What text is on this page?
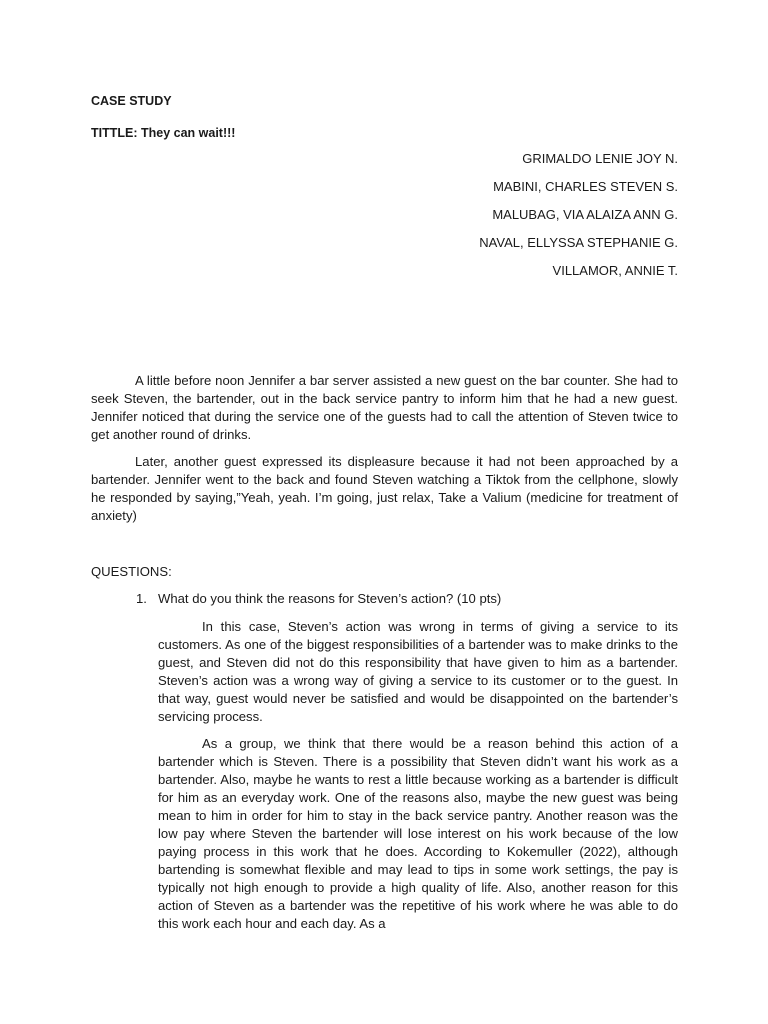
CASE STUDY

TITTLE: They can wait!!!

GRIMALDO LENIE JOY N.

MABINI, CHARLES STEVEN S.

MALUBAG, VIA ALAIZA ANN G.

NAVAL, ELLYSSA STEPHANIE G.

VILLAMOR, ANNIE T.

A little before noon Jennifer a bar server assisted a new guest on the bar counter. She had to seek Steven, the bartender, out in the back service pantry to inform him that he had a new guest. Jennifer noticed that during the service one of the guests had to call the attention of Steven twice to get another round of drinks.

Later, another guest expressed its displeasure because it had not been approached by a bartender. Jennifer went to the back and found Steven watching a Tiktok from the cellphone, slowly he responded by saying,”Yeah, yeah. I’m going, just relax, Take a Valium (medicine for treatment of anxiety)

QUESTIONS:

1. What do you think the reasons for Steven’s action? (10 pts)

In this case, Steven’s action was wrong in terms of giving a service to its customers. As one of the biggest responsibilities of a bartender was to make drinks to the guest, and Steven did not do this responsibility that have given to him as a bartender. Steven’s action was a wrong way of giving a service to its customer or to the guest. In that way, guest would never be satisfied and would be disappointed on the bartender’s servicing process.

As a group, we think that there would be a reason behind this action of a bartender which is Steven. There is a possibility that Steven didn’t want his work as a bartender. Also, maybe he wants to rest a little because working as a bartender is difficult for him as an everyday work. One of the reasons also, maybe the new guest was being mean to him in order for him to stay in the back service pantry. Another reason was the low pay where Steven the bartender will lose interest on his work because of the low paying process in this work that he does. According to Kokemuller (2022), although bartending is somewhat flexible and may lead to tips in some work settings, the pay is typically not high enough to provide a high quality of life. Also, another reason for this action of Steven as a bartender was the repetitive of his work where he was able to do this work each hour and each day. As a
